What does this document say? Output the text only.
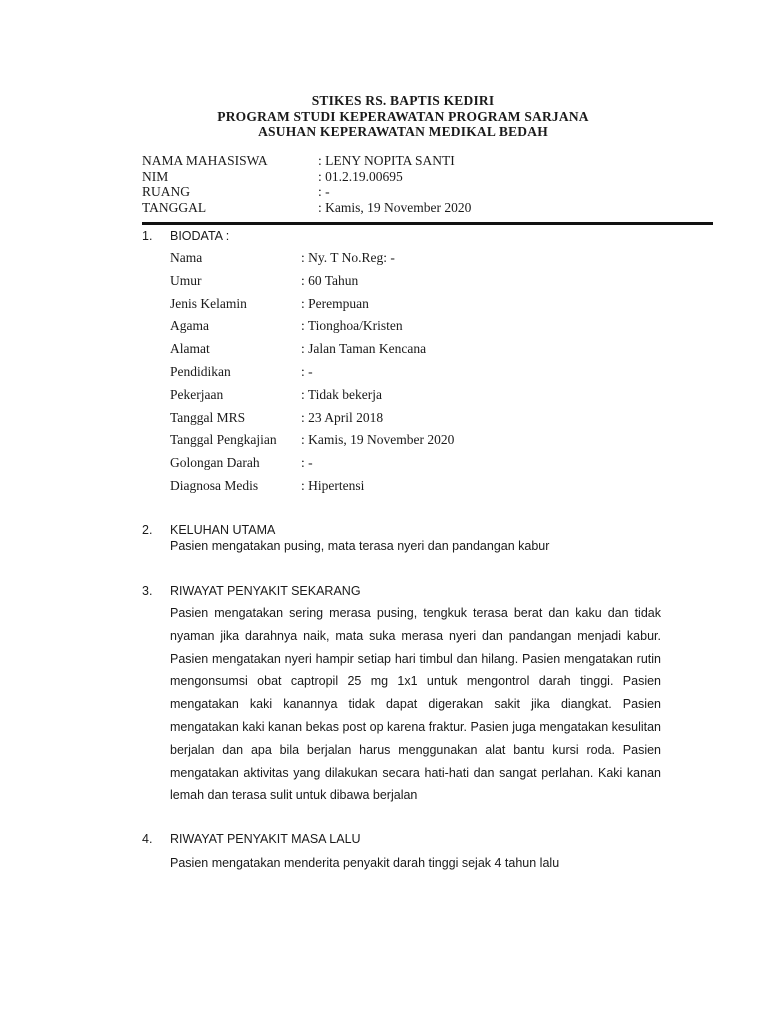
STIKES RS. BAPTIS KEDIRI
PROGRAM STUDI KEPERAWATAN PROGRAM SARJANA
ASUHAN KEPERAWATAN MEDIKAL BEDAH
NAMA MAHASISWA	: LENY NOPITA SANTI
NIM	: 01.2.19.00695
RUANG	: -
TANGGAL	: Kamis, 19 November 2020
1. BIODATA :
Nama	: Ny. T No.Reg: -
Umur	: 60 Tahun
Jenis Kelamin	: Perempuan
Agama	: Tionghoa/Kristen
Alamat	: Jalan Taman Kencana
Pendidikan	: -
Pekerjaan	: Tidak bekerja
Tanggal MRS	: 23 April 2018
Tanggal Pengkajian : Kamis, 19 November 2020
Golongan Darah	: -
Diagnosa Medis	: Hipertensi
2. KELUHAN UTAMA
Pasien mengatakan pusing, mata terasa nyeri dan pandangan kabur
3. RIWAYAT PENYAKIT SEKARANG
Pasien mengatakan sering merasa pusing, tengkuk terasa berat dan kaku dan tidak nyaman jika darahnya naik, mata suka merasa nyeri dan pandangan menjadi kabur. Pasien mengatakan nyeri hampir setiap hari timbul dan hilang. Pasien mengatakan rutin mengonsumsi obat captropil 25 mg 1x1 untuk mengontrol darah tinggi. Pasien mengatakan kaki kanannya tidak dapat digerakan sakit jika diangkat. Pasien mengatakan kaki kanan bekas post op karena fraktur. Pasien juga mengatakan kesulitan berjalan dan apa bila berjalan harus menggunakan alat bantu kursi roda. Pasien mengatakan aktivitas yang dilakukan secara hati-hati dan sangat perlahan. Kaki kanan lemah dan terasa sulit untuk dibawa berjalan
4. RIWAYAT PENYAKIT MASA LALU
Pasien mengatakan menderita penyakit darah tinggi sejak 4 tahun lalu
